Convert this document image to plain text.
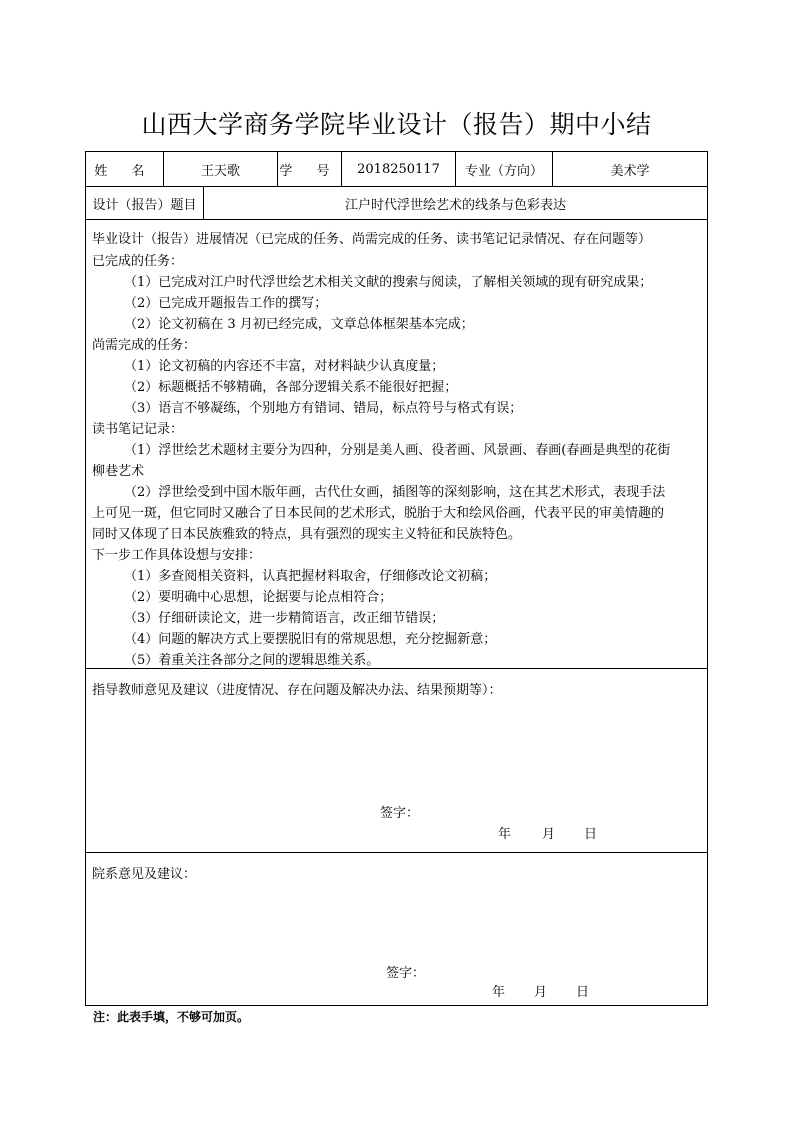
山西大学商务学院毕业设计（报告）期中小结
姓 名	王天歌	学 号	2018250117	专业（方向）	美术学
设计（报告）题目	江户时代浮世绘艺术的线条与色彩表达
毕业设计（报告）进展情况（已完成的任务、尚需完成的任务、读书笔记记录情况、存在问题等）
已完成的任务：
（1）已完成对江户时代浮世绘艺术相关文献的搜索与阅读，了解相关领域的现有研究成果；
（2）已完成开题报告工作的撰写；
（2）论文初稿在 3 月初已经完成，文章总体框架基本完成；
尚需完成的任务：
（1）论文初稿的内容还不丰富，对材料缺少认真度量；
（2）标题概括不够精确，各部分逻辑关系不能很好把握；
（3）语言不够凝练，个别地方有错词、错局，标点符号与格式有误；
读书笔记记录：
（1）浮世绘艺术题材主要分为四种，分别是美人画、役者画、风景画、春画(春画是典型的花街
柳巷艺术
（2）浮世绘受到中国木版年画，古代仕女画，插图等的深刻影响，这在其艺术形式，表现手法
上可见一斑，但它同时又融合了日本民间的艺术形式，脱胎于大和绘风俗画，代表平民的审美情趣的
同时又体现了日本民族雅致的特点，具有强烈的现实主义特征和民族特色。
下一步工作具体设想与安排：
（1）多查阅相关资料，认真把握材料取舍，仔细修改论文初稿；
（2）要明确中心思想，论据要与论点相符合；
（3）仔细研读论文，进一步精简语言，改正细节错误；
（4）问题的解决方式上要摆脱旧有的常规思想，充分挖掘新意；
（5）着重关注各部分之间的逻辑思维关系。
指导教师意见及建议（进度情况、存在问题及解决办法、结果预期等）：
签字：
年 月 日
院系意见及建议：
签字：
年 月 日
注：此表手填，不够可加页。
